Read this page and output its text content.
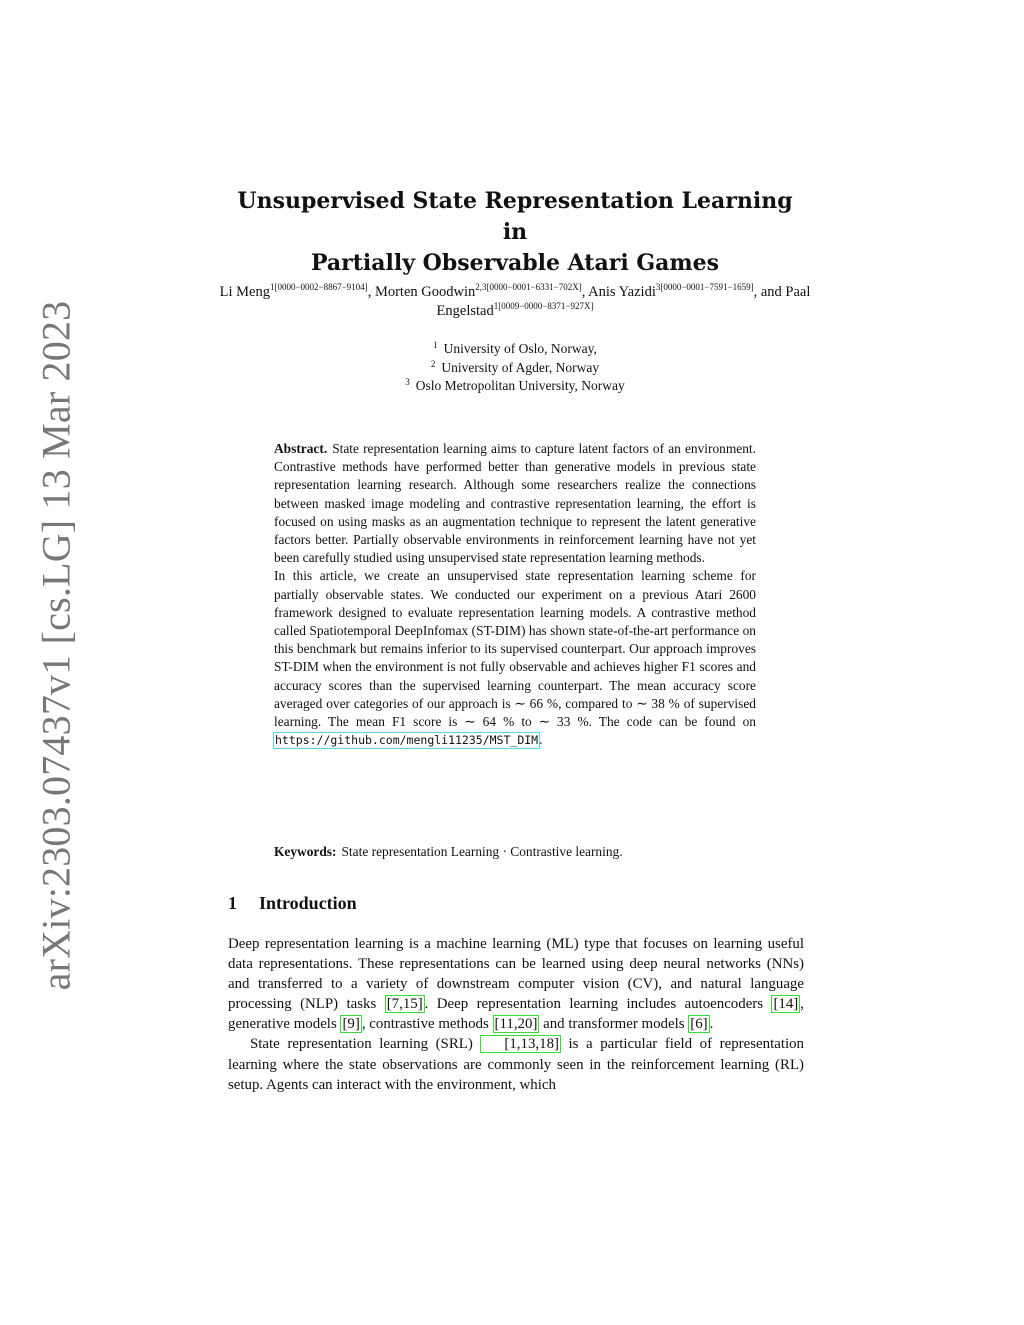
arXiv:2303.07437v1 [cs.LG] 13 Mar 2023
Unsupervised State Representation Learning in
Partially Observable Atari Games
Li Meng$^{1[0000-0002-8867-9104]}$, Morten Goodwin$^{2,3[0000-0001-6331-702X]}$, Anis Yazidi$^{3[0000-0001-7591-1659]}$, and Paal Engelstad$^{1[0009-0000-8371-927X]}$
$^1$ University of Oslo, Norway,
$^2$ University of Agder, Norway
$^3$ Oslo Metropolitan University, Norway

Abstract. State representation learning aims to capture latent factors of an environment. Contrastive methods have performed better than generative models in previous state representation learning research. Although some researchers realize the connections between masked image modeling and contrastive representation learning, the effort is focused on using masks as an augmentation technique to represent the latent generative factors better. Partially observable environments in reinforcement learning have not yet been carefully studied using unsupervised state representation learning methods.

In this article, we create an unsupervised state representation learning scheme for partially observable states. We conducted our experiment on a previous Atari 2600 framework designed to evaluate representation learning models. A contrastive method called Spatiotemporal DeepInfomax (ST-DIM) has shown state-of-the-art performance on this benchmark but remains inferior to its supervised counterpart. Our approach improves ST-DIM when the environment is not fully observable and achieves higher F1 scores and accuracy scores than the supervised learning counterpart. The mean accuracy score averaged over categories of our approach is ∼ 66 %, compared to ∼ 38 % of supervised learning. The mean F1 score is ∼ 64 % to ∼ 33 %. The code can be found on https://github.com/mengli11235/MST_DIM.

Keywords: State representation Learning · Contrastive learning.
1 Introduction

Deep representation learning is a machine learning (ML) type that focuses on learning useful data representations. These representations can be learned using deep neural networks (NNs) and transferred to a variety of downstream computer vision (CV), and natural language processing (NLP) tasks [7,15] . Deep representation learning includes autoencoders [14] , generative models [9] , contrastive methods [11,20] and transformer models [6] .

State representation learning (SRL) [1,13,18] is a particular field of representation learning where the state observations are commonly seen in the reinforcement learning (RL) setup. Agents can interact with the environment, which
